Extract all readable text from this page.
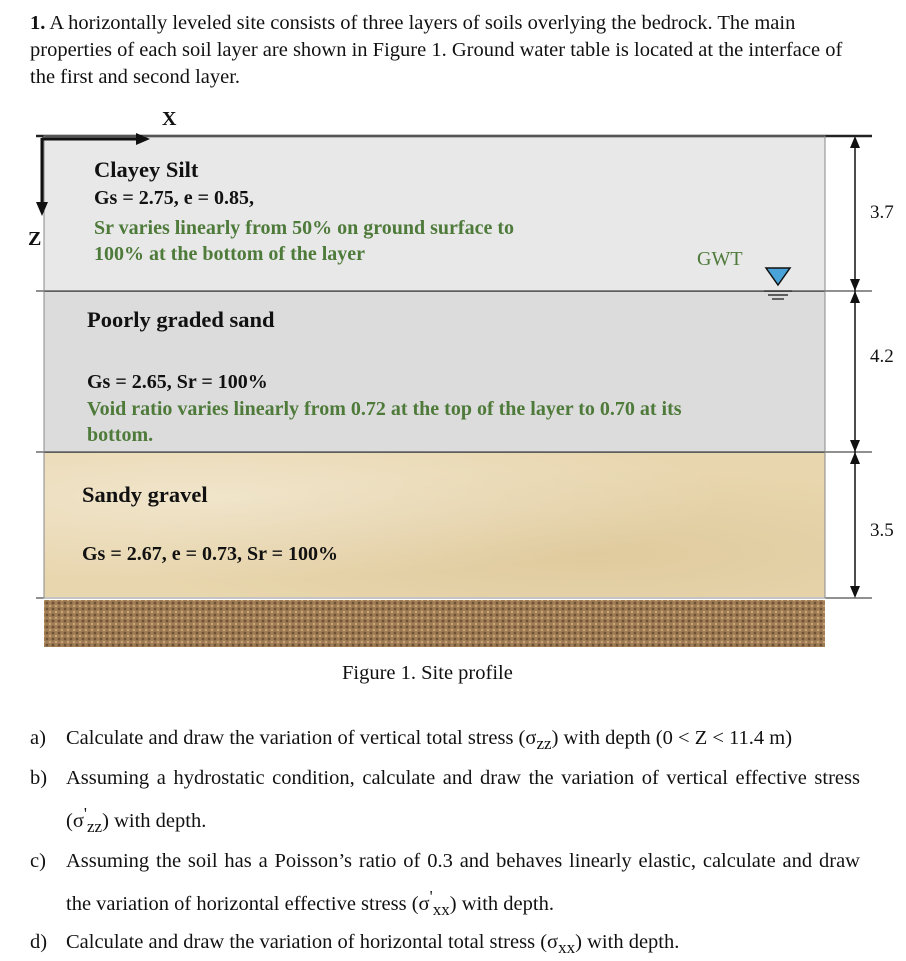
1. A horizontally leveled site consists of three layers of soils overlying the bedrock. The main properties of each soil layer are shown in Figure 1. Ground water table is located at the interface of the first and second layer.
X
Z
Clayey Silt
Gs = 2.75, e = 0.85,
Sr varies linearly from 50% on ground surface to
100% at the bottom of the layer	GWT
Poorly graded sand
Gs = 2.65, Sr = 100%
Void ratio varies linearly from 0.72 at the top of the layer to 0.70 at its
bottom.
Sandy gravel
Gs = 2.67, e = 0.73, Sr = 100%
3.7
4.2
3.5
Figure 1. Site profile

a) Calculate and draw the variation of vertical total stress $(\sigma_{zz})$ with depth (0 < Z < 11.4 m)

b) Assuming a hydrostatic condition, calculate and draw the variation of vertical effective stress $(\sigma'_{zz})$ with depth.

c) Assuming the soil has a Poisson’s ratio of 0.3 and behaves linearly elastic, calculate and draw the variation of horizontal effective stress $(\sigma'_{xx})$ with depth.

d) Calculate and draw the variation of horizontal total stress $(\sigma_{xx})$ with depth.
